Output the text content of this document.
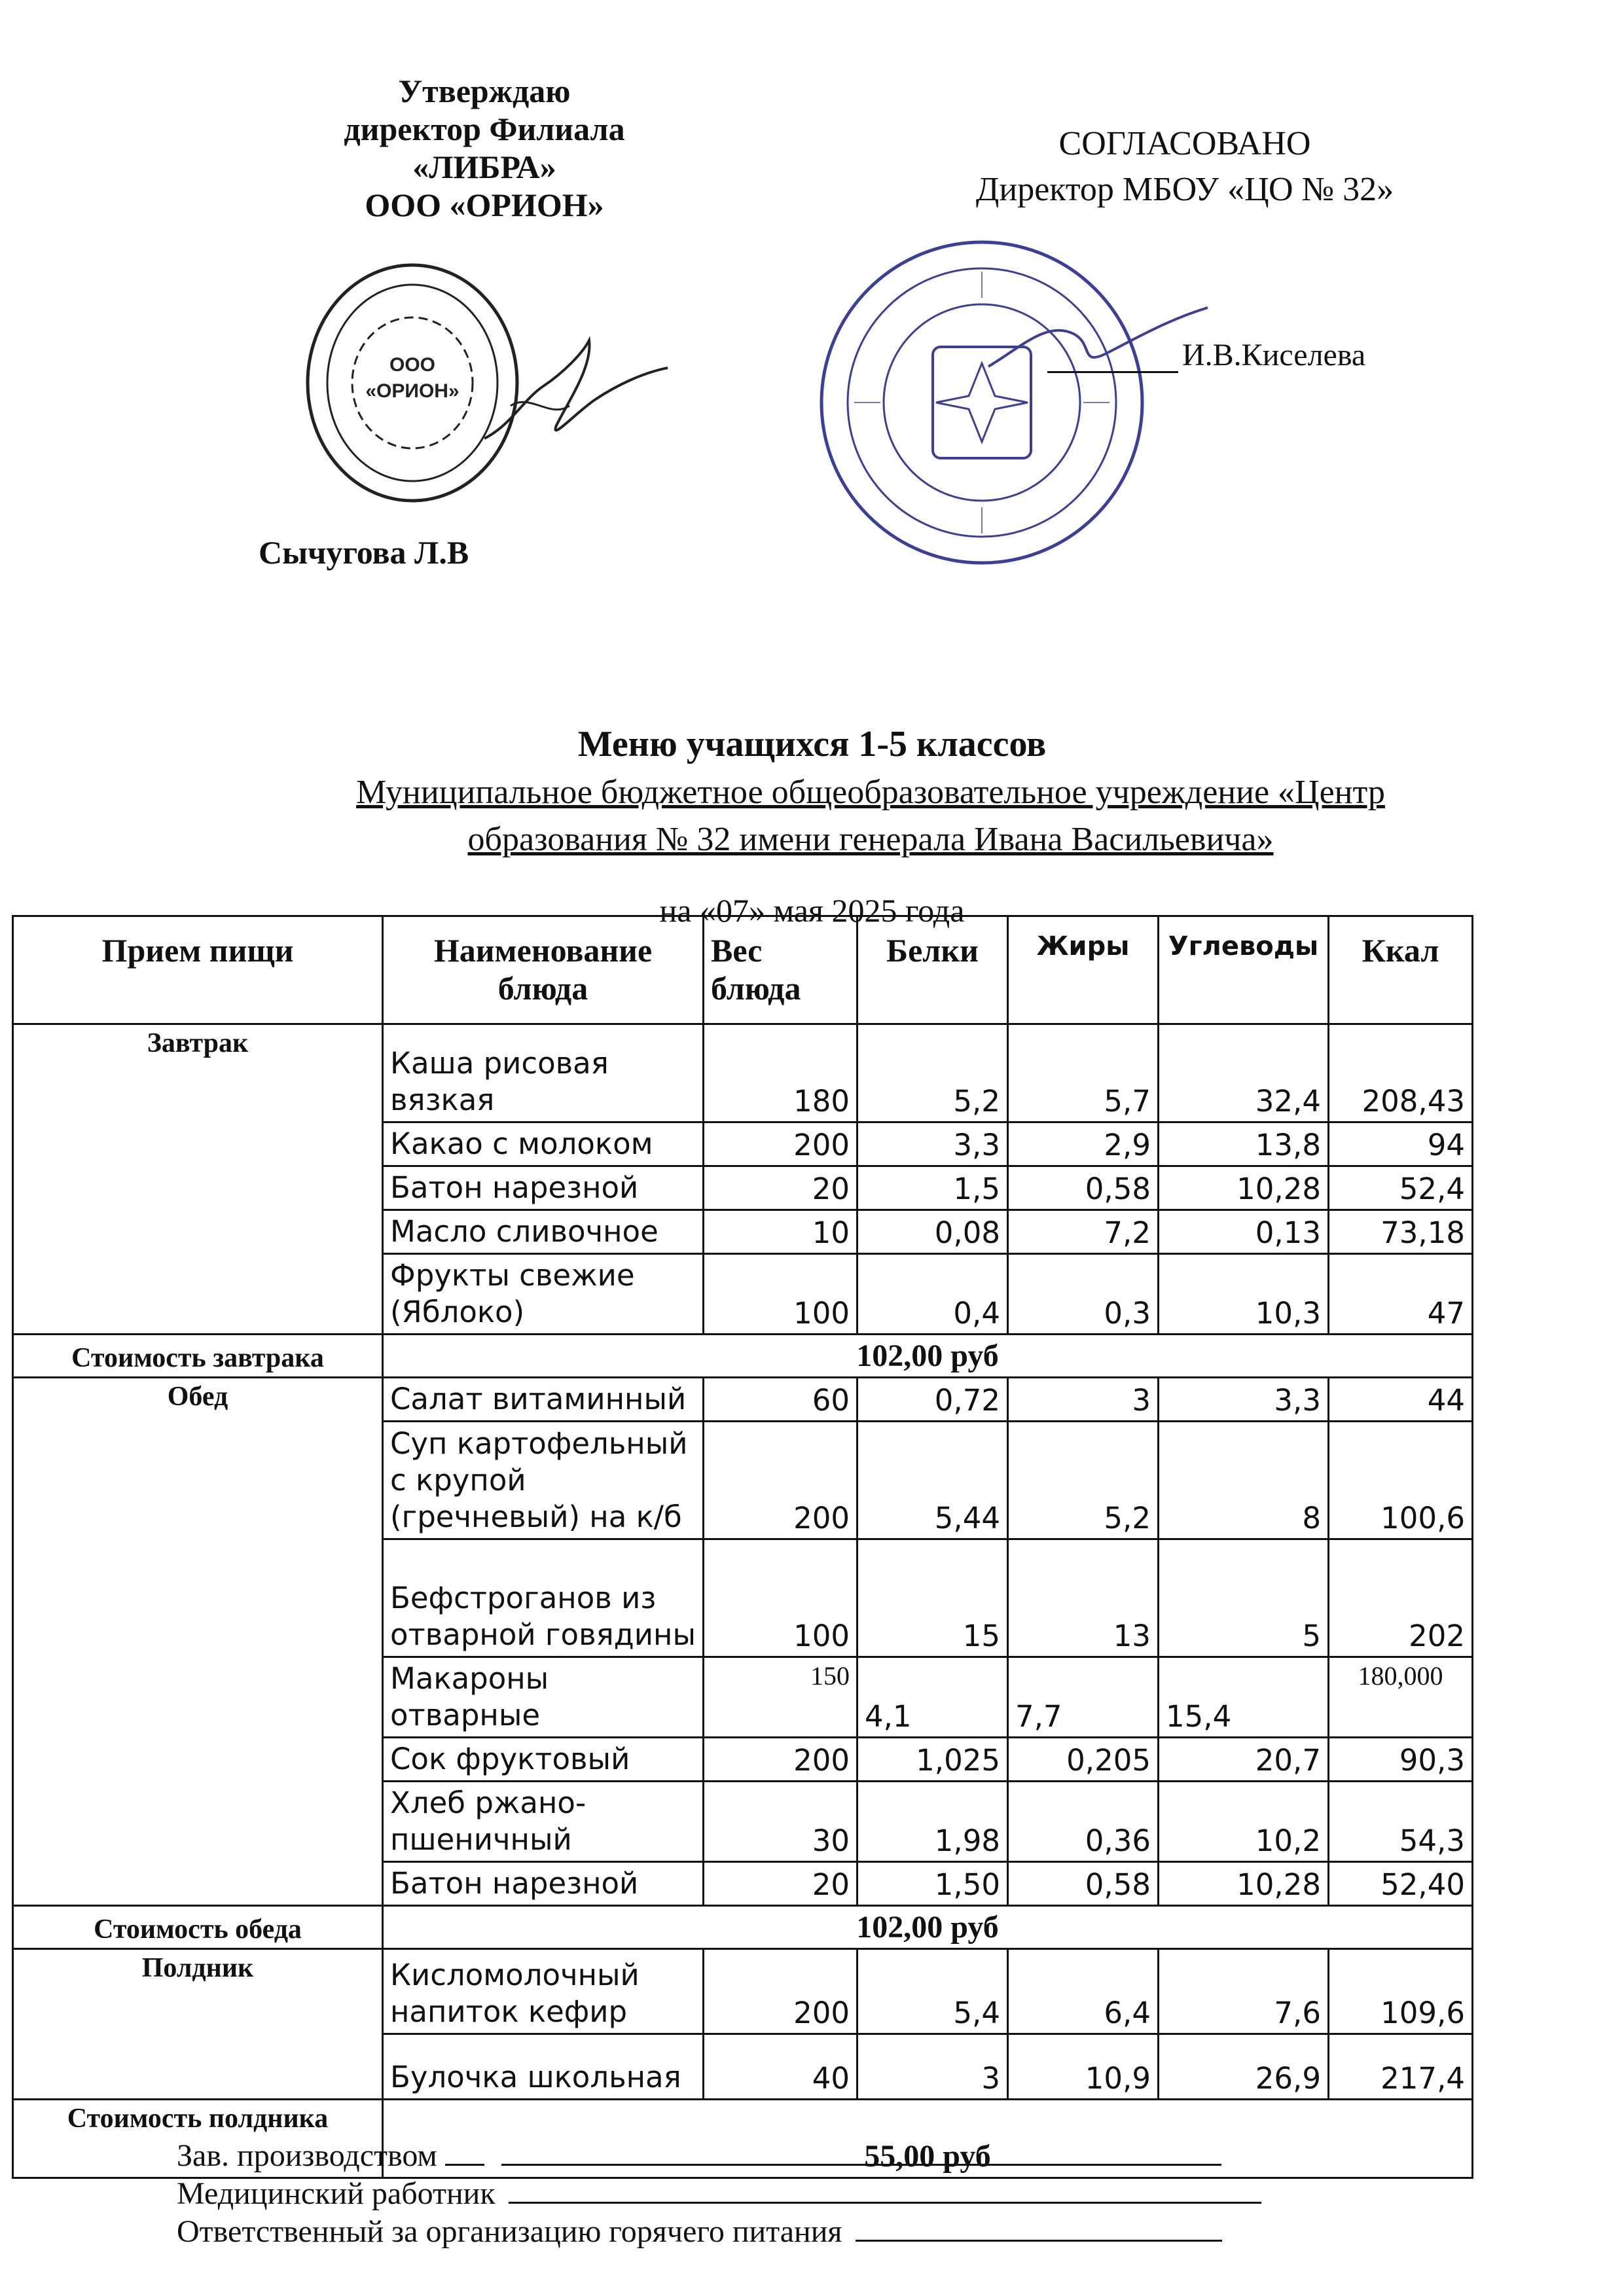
Утверждаю
директор Филиала
«ЛИБРА»
ООО «ОРИОН»
ООО
«ОРИОН»
Сычугова Л.В
СОГЛАСОВАНО
Директор МБОУ «ЦО № 32»
И.В.Киселева
Меню учащихся 1-5 классов
Муниципальное бюджетное общеобразовательное учреждение «Центр
образования № 32 имени генерала Ивана Васильевича»
на «07» мая 2025 года
Прием пищи	Наименование блюда	Вес блюда	Белки	Жиры	Углеводы	Ккал
Завтрак	Каша рисовая вязкая	180	5,2	5,7	32,4	208,43
	Какао с молоком	200	3,3	2,9	13,8	94
	Батон нарезной	20	1,5	0,58	10,28	52,4
	Масло сливочное	10	0,08	7,2	0,13	73,18
	Фрукты свежие (Яблоко)	100	0,4	0,3	10,3	47
Стоимость завтрака	102,00 руб					
Обед	Салат витаминный	60	0,72	3	3,3	44
	Суп картофельный с крупой (гречневый) на к/б	200	5,44	5,2	8	100,6
	Бефстроганов из отварной говядины	100	15	13	5	202
	Макароны отварные	150	4,1	7,7	15,4	180,000
	Сок фруктовый	200	1,025	0,205	20,7	90,3
	Хлеб ржано-пшеничный	30	1,98	0,36	10,2	54,3
	Батон нарезной	20	1,50	0,58	10,28	52,40
Стоимость обеда	102,00 руб					
Полдник	Кисломолочный напиток кефир	200	5,4	6,4	7,6	109,6
	Булочка школьная	40	3	10,9	26,9	217,4
Стоимость полдника	55,00 руб					
Зав. производством
Медицинский работник
Ответственный за организацию горячего питания
